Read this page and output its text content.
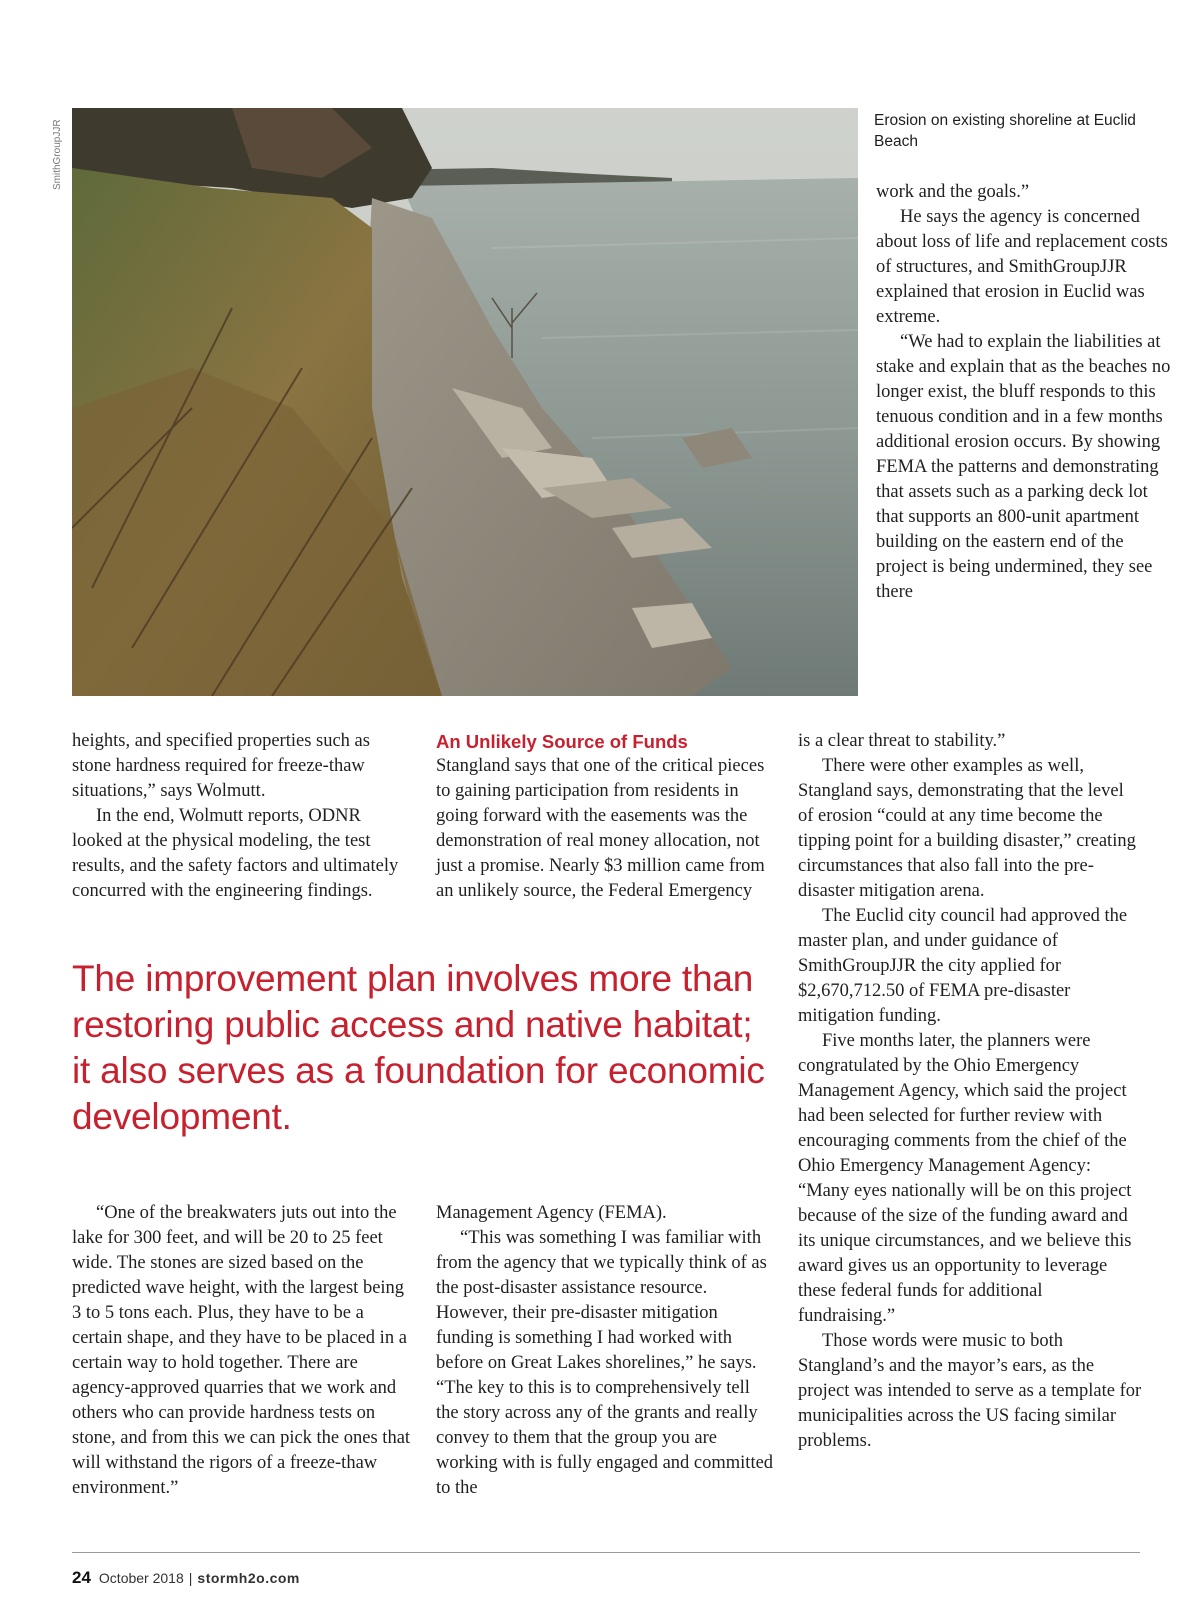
SmithGroupJJR	Erosion on existing shoreline at Euclid Beach

work and the goals.”

He says the agency is concerned about loss of life and replacement costs of structures, and SmithGroupJJR explained that erosion in Euclid was extreme.

“We had to explain the liabilities at stake and explain that as the beaches no longer exist, the bluff responds to this tenuous condition and in a few months additional erosion occurs. By showing FEMA the patterns and demonstrating that assets such as a parking deck lot that supports an 800-unit apartment building on the eastern end of the project is being undermined, they see there

is a clear threat to stability.”

There were other examples as well, Stangland says, demonstrating that the level of erosion “could at any time become the tipping point for a building disaster,” creating circumstances that also fall into the pre-disaster mitigation arena.

The Euclid city council had approved the master plan, and under guidance of SmithGroupJJR the city applied for $2,670,712.50 of FEMA pre-disaster mitigation funding.

Five months later, the planners were congratulated by the Ohio Emergency Management Agency, which said the project had been selected for further review with encouraging comments from the chief of the Ohio Emergency Management Agency: “Many eyes nationally will be on this project because of the size of the funding award and its unique circumstances, and we believe this award gives us an opportunity to leverage these federal funds for additional fundraising.”

Those words were music to both Stangland’s and the mayor’s ears, as the project was intended to serve as a template for municipalities across the US facing similar problems.

heights, and specified properties such as stone hardness required for freeze-thaw situations,” says Wolmutt.

In the end, Wolmutt reports, ODNR looked at the physical modeling, the test results, and the safety factors and ultimately concurred with the engineering findings.

An Unlikely Source of Funds

Stangland says that one of the critical pieces to gaining participation from residents in going forward with the easements was the demonstration of real money allocation, not just a promise. Nearly $3 million came from an unlikely source, the Federal Emergency

The improvement plan involves more than restoring public access and native habitat; it also serves as a foundation for economic development.

“One of the breakwaters juts out into the lake for 300 feet, and will be 20 to 25 feet wide. The stones are sized based on the predicted wave height, with the largest being 3 to 5 tons each. Plus, they have to be a certain shape, and they have to be placed in a certain way to hold together. There are agency-approved quarries that we work and others who can provide hardness tests on stone, and from this we can pick the ones that will withstand the rigors of a freeze-thaw environment.”

Management Agency (FEMA).

“This was something I was familiar with from the agency that we typically think of as the post-disaster assistance resource. However, their pre-disaster mitigation funding is something I had worked with before on Great Lakes shorelines,” he says. “The key to this is to comprehensively tell the story across any of the grants and really convey to them that the group you are working with is fully engaged and committed to the

24 October 2018 | stormh2o.com
